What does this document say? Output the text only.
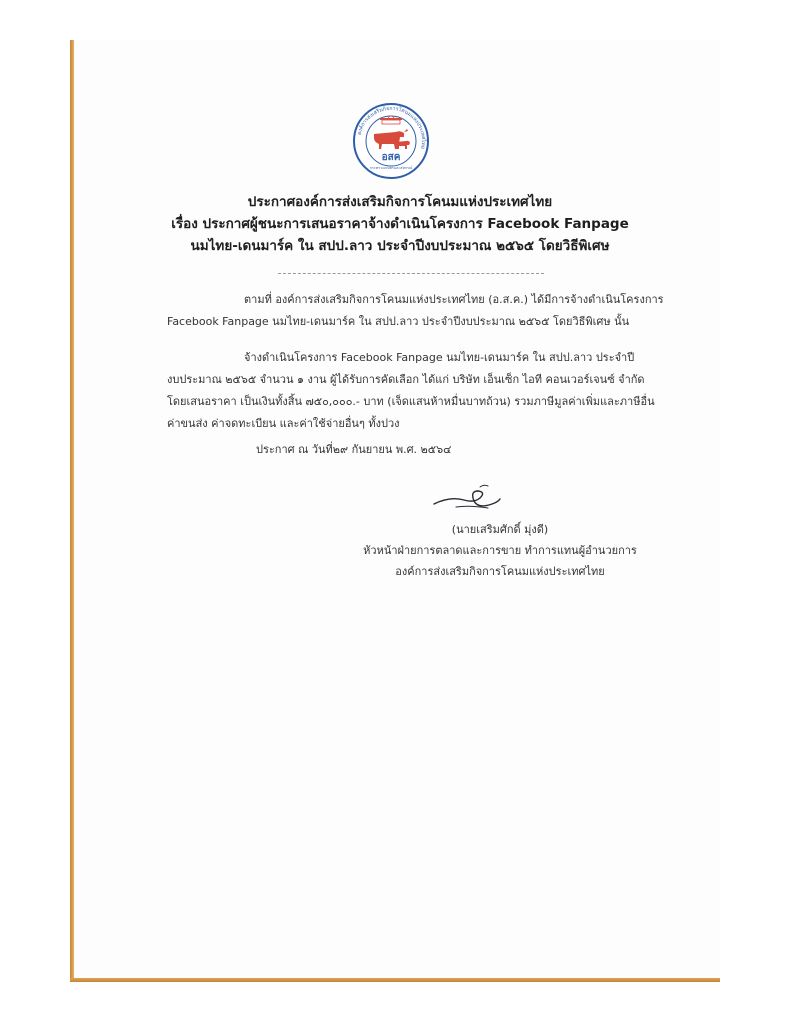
องค์การส่งเสริมกิจการโคนมแห่งประเทศไทย
อสค
กระทรวงเกษตรและสหกรณ์
ประกาศองค์การส่งเสริมกิจการโคนมแห่งประเทศไทย
เรื่อง ประกาศผู้ชนะการเสนอราคาจ้างดำเนินโครงการ Facebook Fanpage
นมไทย-เดนมาร์ค ใน สปป.ลาว ประจำปีงบประมาณ ๒๕๖๕ โดยวิธีพิเศษ
ตามที่ องค์การส่งเสริมกิจการโคนมแห่งประเทศไทย (อ.ส.ค.) ได้มีการจ้างดำเนินโครงการ
Facebook Fanpage นมไทย-เดนมาร์ค ใน สปป.ลาว ประจำปีงบประมาณ ๒๕๖๕ โดยวิธีพิเศษ นั้น
จ้างดำเนินโครงการ Facebook Fanpage นมไทย-เดนมาร์ค ใน สปป.ลาว ประจำปี
งบประมาณ ๒๕๖๕ จำนวน ๑ งาน ผู้ได้รับการคัดเลือก ได้แก่ บริษัท เอ็นเซ็ก ไอที คอนเวอร์เจนซ์ จำกัด
โดยเสนอราคา เป็นเงินทั้งสิ้น ๗๕๐,๐๐๐.- บาท (เจ็ดแสนห้าหมื่นบาทถ้วน) รวมภาษีมูลค่าเพิ่มและภาษีอื่น
ค่าขนส่ง ค่าจดทะเบียน และค่าใช้จ่ายอื่นๆ ทั้งปวง
ประกาศ ณ วันที่๒๙ กันยายน พ.ศ. ๒๕๖๔
(นายเสริมศักดิ์ มุ่งดี)
หัวหน้าฝ่ายการตลาดและการขาย ทำการแทนผู้อำนวยการ
องค์การส่งเสริมกิจการโคนมแห่งประเทศไทย
